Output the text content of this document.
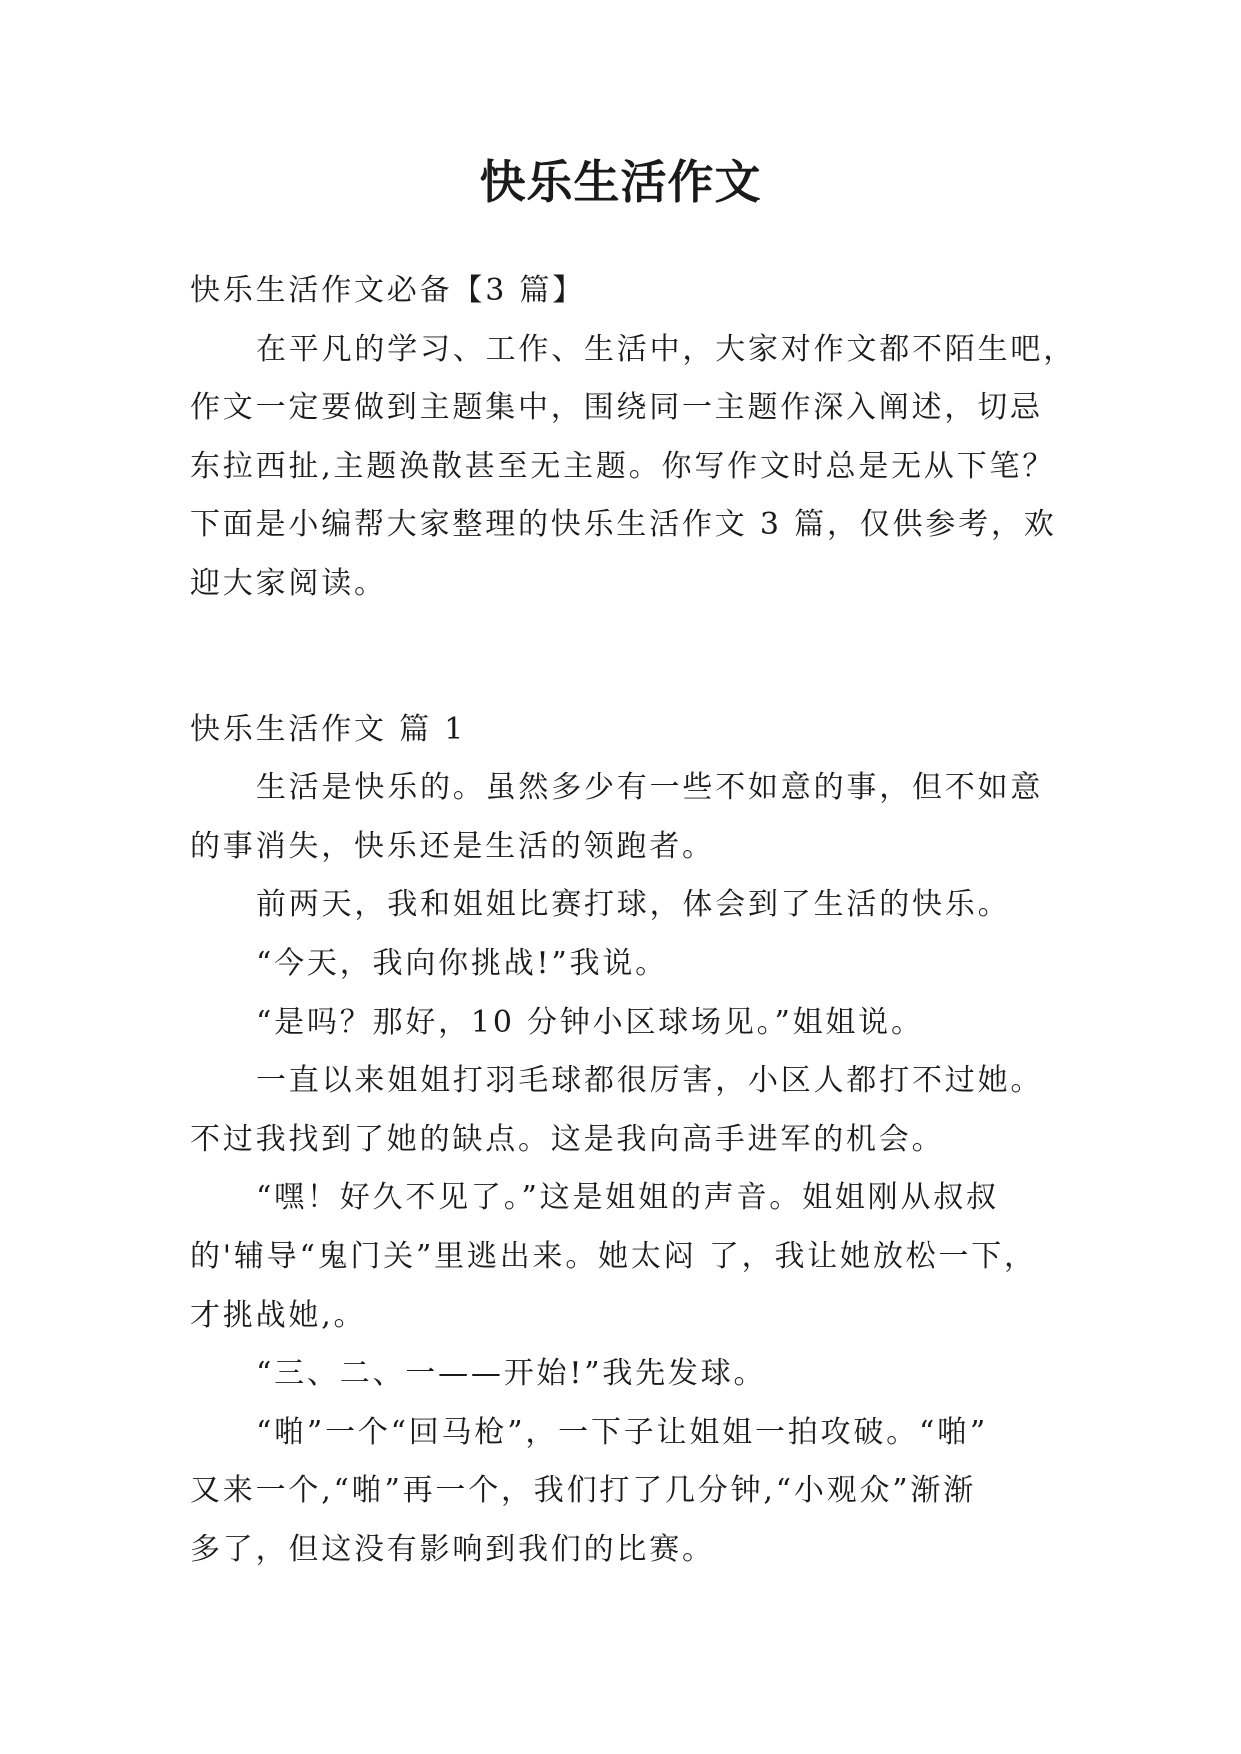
快乐生活作文

快乐生活作文必备【3 篇】

在平凡的学习、工作、生活中，大家对作文都不陌生吧，

作文一定要做到主题集中，围绕同一主题作深入阐述，切忌

东拉西扯,主题涣散甚至无主题。你写作文时总是无从下笔？

下面是小编帮大家整理的快乐生活作文 3 篇，仅供参考，欢

迎大家阅读。

快乐生活作文 篇 1

生活是快乐的。虽然多少有一些不如意的事，但不如意

的事消失，快乐还是生活的领跑者。

前两天，我和姐姐比赛打球，体会到了生活的快乐。

“今天，我向你挑战!”我说。

“是吗？那好，10 分钟小区球场见。”姐姐说。

一直以来姐姐打羽毛球都很厉害，小区人都打不过她。

不过我找到了她的缺点。这是我向高手进军的机会。

“嘿！好久不见了。”这是姐姐的声音。姐姐刚从叔叔

的'辅导“鬼门关”里逃出来。她太闷 了，我让她放松一下，

才挑战她,。

“三、二、一——开始!”我先发球。

“啪”一个“回马枪”，一下子让姐姐一拍攻破。“啪”

又来一个,“啪”再一个，我们打了几分钟,“小观众”渐渐

多了，但这没有影响到我们的比赛。
